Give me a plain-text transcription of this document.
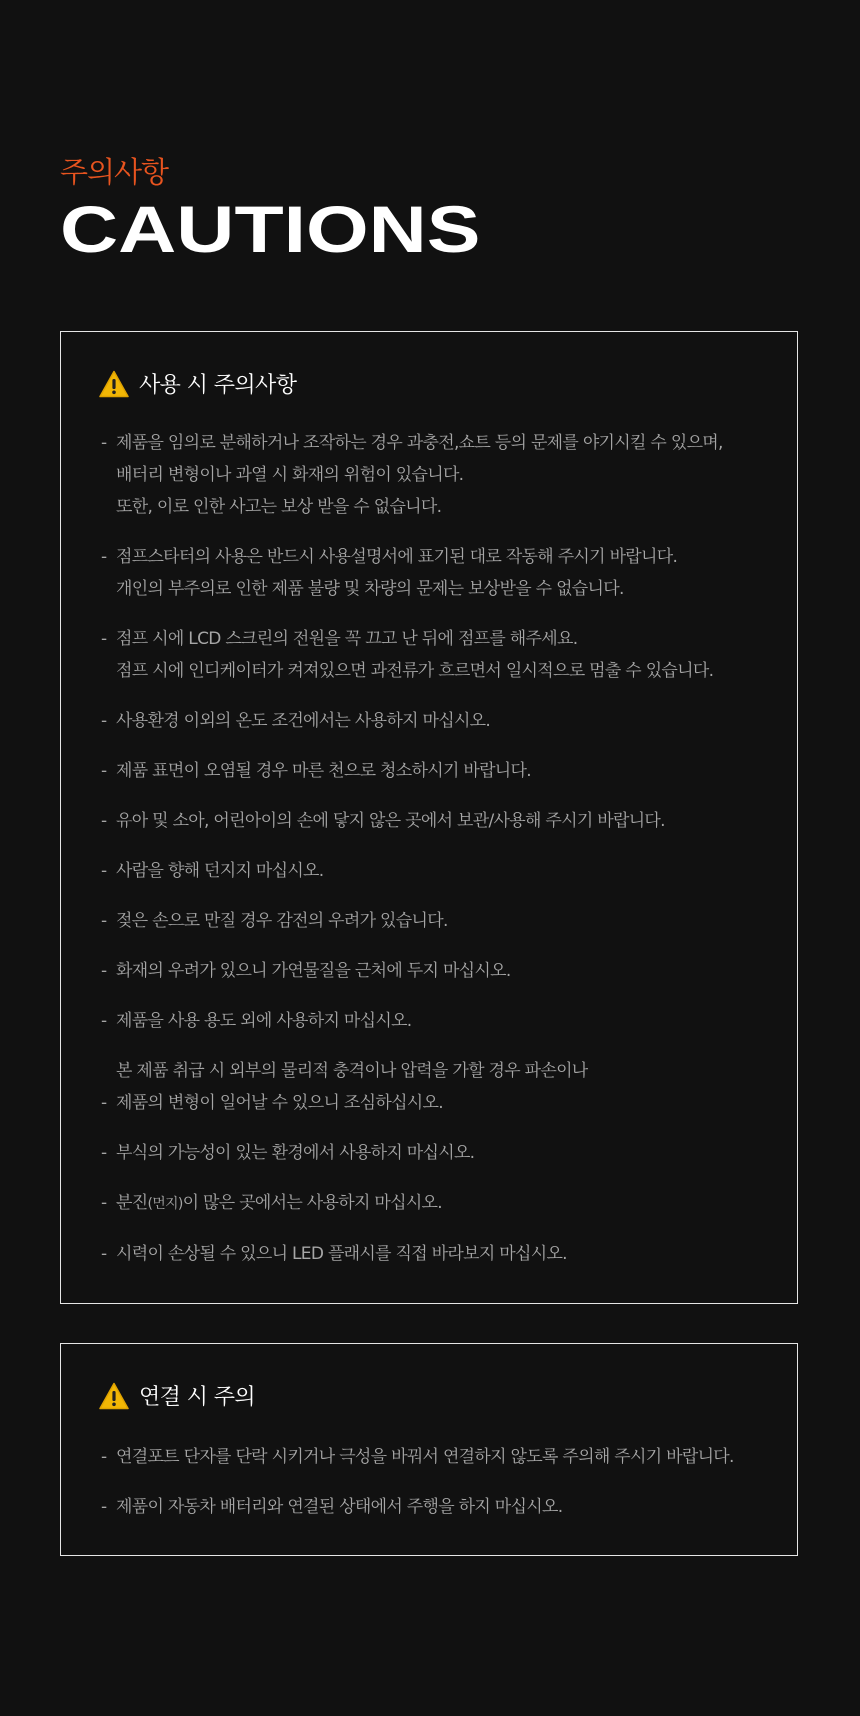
주의사항
CAUTIONS
사용 시 주의사항
- 제품을 임의로 분해하거나 조작하는 경우 과충전,쇼트 등의 문제를 야기시킬 수 있으며,
배터리 변형이나 과열 시 화재의 위험이 있습니다.
또한, 이로 인한 사고는 보상 받을 수 없습니다.
- 점프스타터의 사용은 반드시 사용설명서에 표기된 대로 작동해 주시기 바랍니다.
개인의 부주의로 인한 제품 불량 및 차량의 문제는 보상받을 수 없습니다.
- 점프 시에 LCD 스크린의 전원을 꼭 끄고 난 뒤에 점프를 해주세요.
점프 시에 인디케이터가 켜져있으면 과전류가 흐르면서 일시적으로 멈출 수 있습니다.
- 사용환경 이외의 온도 조건에서는 사용하지 마십시오.
- 제품 표면이 오염될 경우 마른 천으로 청소하시기 바랍니다.
- 유아 및 소아, 어린아이의 손에 닿지 않은 곳에서 보관/사용해 주시기 바랍니다.
- 사람을 향해 던지지 마십시오.
- 젖은 손으로 만질 경우 감전의 우려가 있습니다.
- 화재의 우려가 있으니 가연물질을 근처에 두지 마십시오.
- 제품을 사용 용도 외에 사용하지 마십시오.
-
본 제품 취급 시 외부의 물리적 충격이나 압력을 가할 경우 파손이나
제품의 변형이 일어날 수 있으니 조심하십시오.
- 부식의 가능성이 있는 환경에서 사용하지 마십시오.
- 분진(먼지)이 많은 곳에서는 사용하지 마십시오.
- 시력이 손상될 수 있으니 LED 플래시를 직접 바라보지 마십시오.
연결 시 주의
- 연결포트 단자를 단락 시키거나 극성을 바꿔서 연결하지 않도록 주의해 주시기 바랍니다.
- 제품이 자동차 배터리와 연결된 상태에서 주행을 하지 마십시오.
